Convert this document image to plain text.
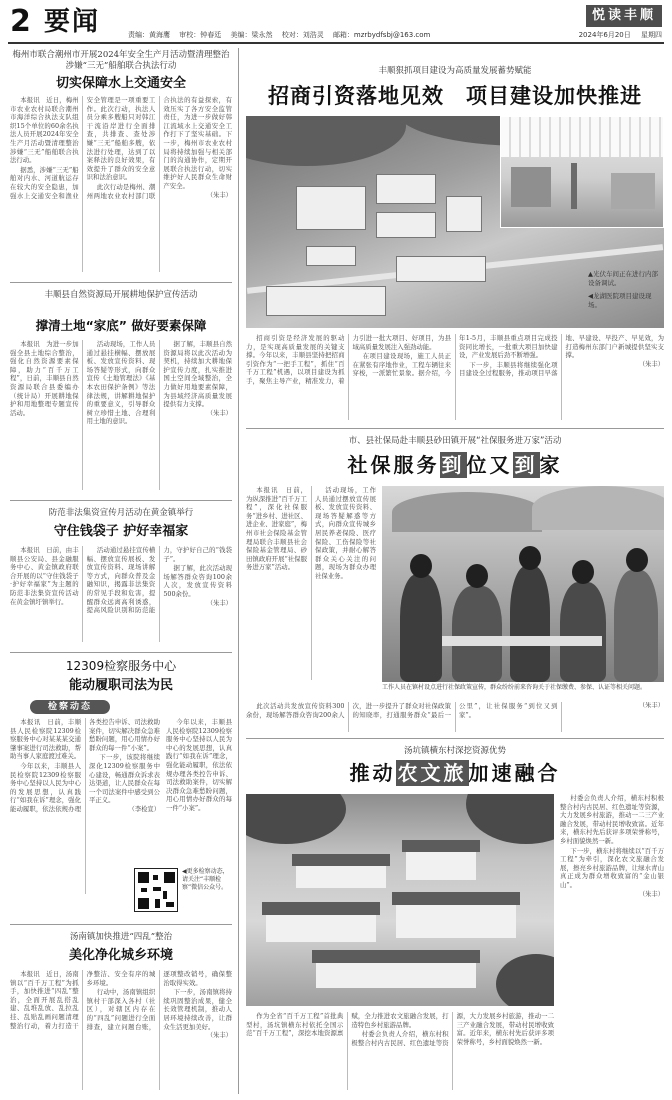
2 要闻	责编：黄海鹰 审校：钟春廷 美编：梁永然 校对：刘浩灵 邮箱：mzrbydfsbj@163.com
悦读丰顺
2024年6月20日 星期四
梅州市联合潮州市开展2024年安全生产月活动暨清理整治涉嫌“三无”船舶联合执法行动
切实保障水上交通安全

本报讯　近日，梅州市农业农村局联合潮州市海洋综合执法支队组织15个单位的60余名执法人员开展2024年安全生产月活动暨清理整治涉嫌“三无”船舶联合执法行动。

据悉，涉嫌“三无”船舶对内水、河道航运存在较大的安全隐患，加强水上交通安全和渔业安全管理是一项重要工作。此次行动，执法人员分乘多艘船只对韩江干流沿岸进行全面排查，共排查、查处涉嫌“三无”船舶多艘，依法进行处理，达到了以案释法的良好效果，有效提升了群众的安全意识和法治意识。

此次行动是梅州、潮州两地农业农村部门联合执法的有益探索，有效压实了各方安全监管责任，为进一步做好韩江流域水上交通安全工作打下了坚实基础。下一步，梅州市农业农村局将持续加强与相关部门的沟通协作，定期开展联合执法行动，切实维护好人民群众生命财产安全。

（朱丰）
丰顺县自然资源局开展耕地保护宣传活动
撑清土地“家底” 做好要素保障

本报讯　为进一步加强全县土地综合整治，强化自然资源要素保障，助力“百千万工程”，日前，丰顺县自然资源局联合县委编办（统计局）开展耕地保护和用地整理专题宣传活动。

活动现场，工作人员通过悬挂横幅、摆放展板、发放宣传资料、现场答疑等形式，向群众宣传《土地管理法》《基本农田保护条例》等法律法规，讲解耕地保护的重要意义，引导群众树立珍惜土地、合理利用土地的意识。

据了解，丰顺县自然资源局将以此次活动为契机，持续加大耕地保护宣传力度，扎实推进国土空间全域整治，全力做好用地要素保障，为县域经济高质量发展提供有力支撑。

（朱丰）
防范非法集资宣传月活动在黄金镇举行
守住钱袋子 护好幸福家

本报讯　日前，由丰顺县公安局、县金融服务中心、黄金镇政府联合开展的以“守住钱袋子·护好幸福家”为主题的防范非法集资宣传活动在黄金镇圩镇举行。

活动通过悬挂宣传横幅、摆放宣传展板、发放宣传资料、现场讲解等方式，向群众普及金融知识，揭露非法集资的常见手段和危害，提醒群众远离高利诱惑，提高风险识别和防范能力，守护好自己的“钱袋子”。

据了解，此次活动现场解答群众咨询100余人次，发放宣传资料500余份。

（朱丰）
12309检察服务中心
能动履职司法为民
检察动态

本报讯　日前，丰顺县人民检察院12309检察服务中心对某某某交通肇事案进行司法救助，帮助当事人家庭渡过难关。

今年以来，丰顺县人民检察院12309检察服务中心坚持以人民为中心的发展思想，认真践行“如我在诉”理念，强化能动履职，依法依规办理各类控告申诉、司法救助案件，切实解决群众急难愁盼问题，用心用情办好群众的每一件“小案”。

下一步，该院将继续深化12309检察服务中心建设，畅通群众诉求表达渠道，让人民群众在每一个司法案件中感受到公平正义。

（李检宣）

今年以来，丰顺县人民检察院12309检察服务中心坚持以人民为中心的发展思想，认真践行“如我在诉”理念，强化能动履职，依法依规办理各类控告申诉、司法救助案件，切实解决群众急难愁盼问题，用心用情办好群众的每一件“小案”。

◀更多检察动态，请关注“丰顺检察”微信公众号。
汤南镇加快推进“四乱”整治
美化净化城乡环境

本报讯　近日，汤南镇以“百千万工程”为抓手，加快推进“四乱”整治，全面开展乱搭乱建、乱堆乱放、乱拉乱挂、乱贴乱画问题清理整治行动，着力打造干净整洁、安全有序的城乡环境。

行动中，汤南镇组织镇村干部深入各村（社区），对辖区内存在的“四乱”问题进行全面排查，建立问题台账，逐项整改销号，确保整治取得实效。

下一步，汤南镇将持续巩固整治成果，健全长效管理机制，推动人居环境持续改善，让群众生活更加美好。

（朱丰）
丰顺狠抓项目建设为高质量发展蓄势赋能
招商引资落地见效　项目建设加快推进
▲光伏车间正在进行内部设备调试。
◀龙湖医院项目建设现场。

招商引资是经济发展的驱动力，是实现高质量发展的关键支撑。今年以来，丰顺县坚持把招商引资作为“一把手工程”，抓住“百千万工程”机遇，以项目建设为抓手，聚焦主导产业，精准发力，着力引进一批大项目、好项目，为县域高质量发展注入强劲动能。

在项目建设现场，施工人员正在紧张有序地作业，工程车辆往来穿梭，一派繁忙景象。据介绍，今年1-5月，丰顺县重点项目完成投资同比增长，一批重大项目加快建设，产业发展后劲不断增强。

下一步，丰顺县将继续强化项目建设全过程服务，推动项目早落地、早建设、早投产、早见效，为打造梅州东部门户新城提供坚实支撑。

（朱丰）
市、县社保局赴丰顺县砂田镇开展“社保服务进万家”活动
社保服务 到 位又 到 家

本报讯　日前，为纵深推进“百千万工程”，深化社保服务“进乡村、进社区、进企业、进家庭”，梅州市社会保险基金管理局联合丰顺县社会保险基金管理局、砂田镇政府开展“社保服务进万家”活动。

活动现场，工作人员通过摆放宣传展板、发放宣传资料、现场答疑解惑等方式，向群众宣传城乡居民养老保险、医疗保险、工伤保险等社保政策，并耐心解答群众关心关注的问题，现场为群众办理社保业务。

工作人员在镇村设点进行社保政策宣传，群众纷纷前来咨询关于社保缴费、参保、认证等相关问题。

此次活动共发放宣传资料300余份，现场解答群众咨询200余人次，进一步提升了群众对社保政策的知晓率，打通服务群众“最后一公里”，让社保服务“到位又到家”。

（朱丰）
汤坑镇横东村深挖资源优势
推动 农文旅 加速融合

村委会负责人介绍，横东村积极整合村内古民居、红色遗址等资源，大力发展乡村旅游，推动一二三产业融合发展，带动村民增收致富。近年来，横东村先后获评多项荣誉称号，乡村面貌焕然一新。

下一步，横东村将继续以“百千万工程”为牵引，深化农文旅融合发展，擦亮乡村旅游品牌，让绿水青山真正成为群众增收致富的“金山银山”。

（朱丰）

作为全省“百千万工程”首批典型村，汤坑镇横东村依托全国示范“百千万工程”，深挖本地资源禀赋，全力推进农文旅融合发展，打造特色乡村旅游品牌。

村委会负责人介绍，横东村积极整合村内古民居、红色遗址等资源，大力发展乡村旅游，推动一二三产业融合发展，带动村民增收致富。近年来，横东村先后获评多项荣誉称号，乡村面貌焕然一新。
